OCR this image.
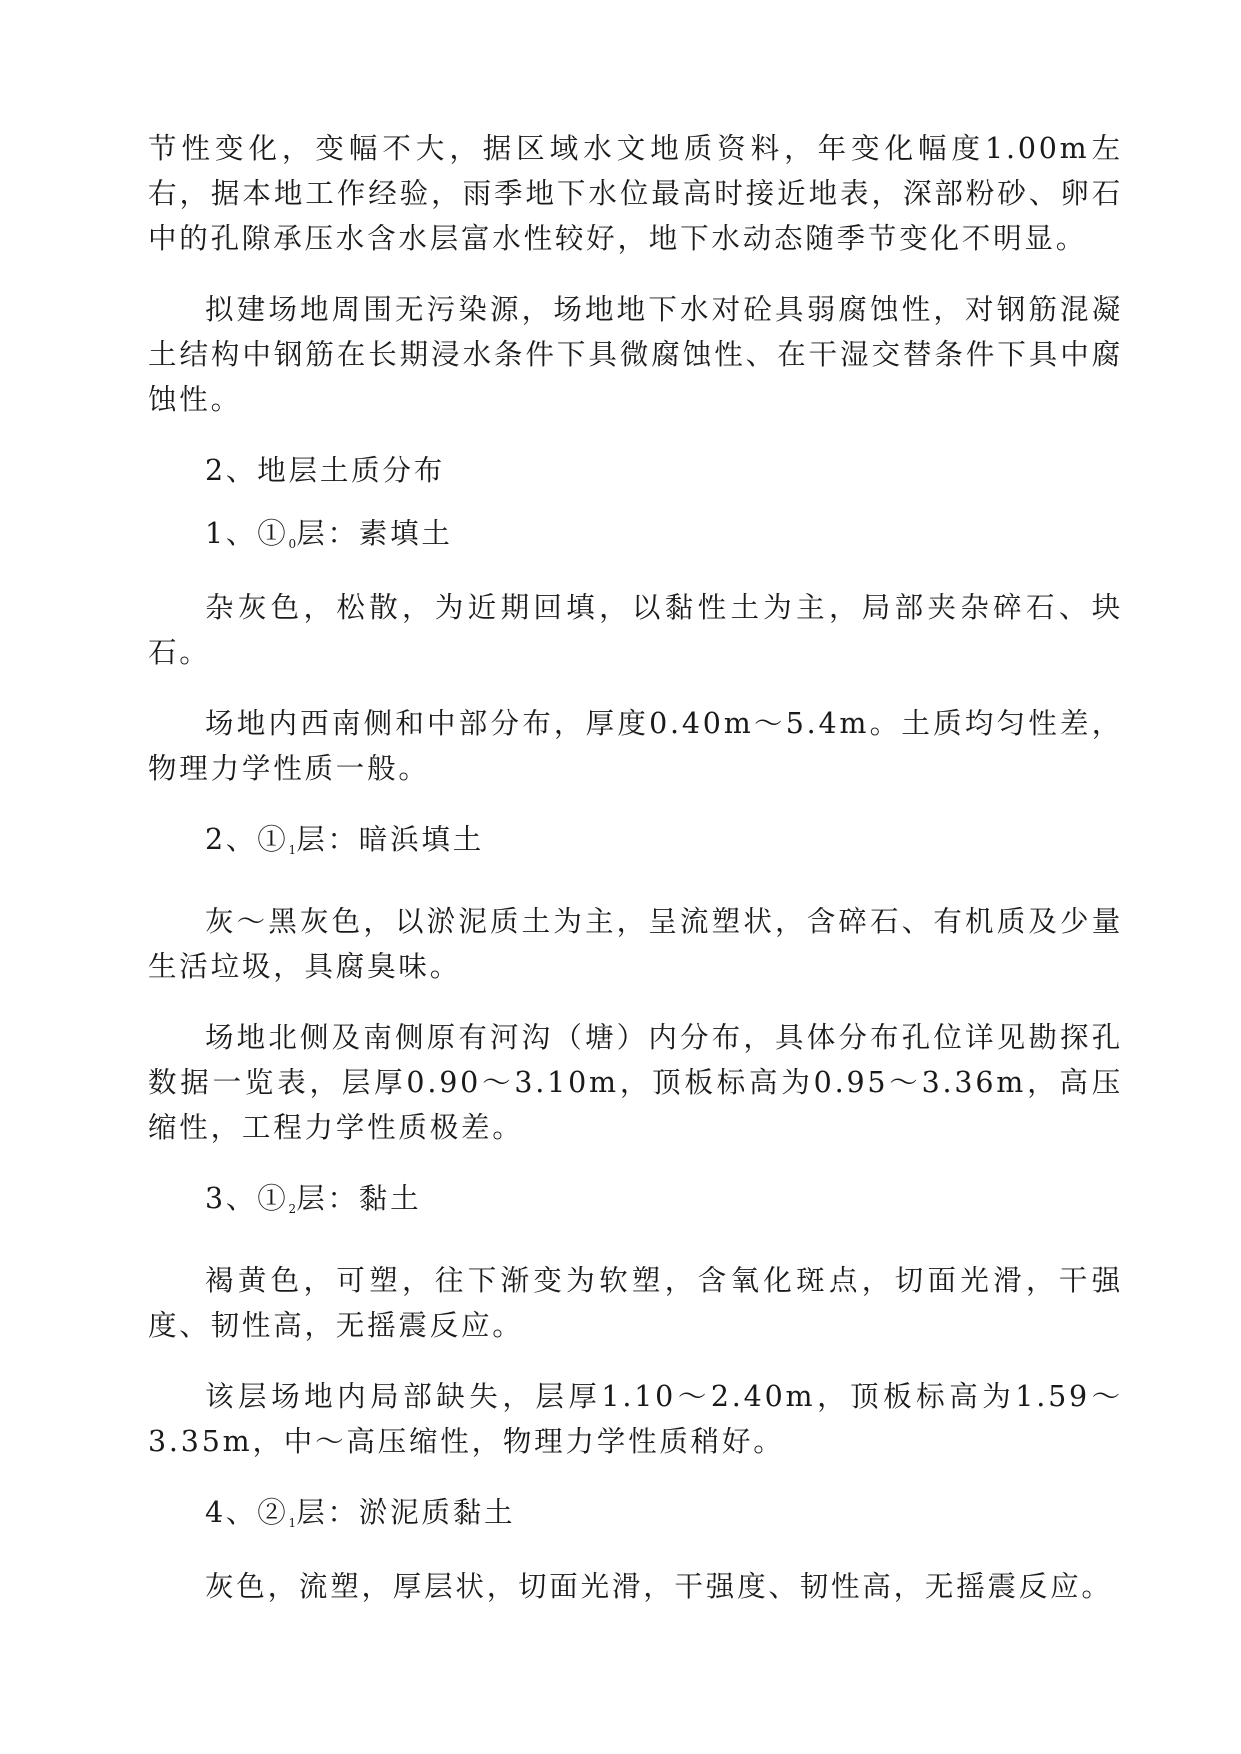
节性变化，变幅不大，据区域水文地质资料，年变化幅度1.00m左右，据本地工作经验，雨季地下水位最高时接近地表，深部粉砂、卵石中的孔隙承压水含水层富水性较好，地下水动态随季节变化不明显。

拟建场地周围无污染源，场地地下水对砼具弱腐蚀性，对钢筋混凝土结构中钢筋在长期浸水条件下具微腐蚀性、在干湿交替条件下具中腐蚀性。

2、地层土质分布

1、$①_0$层：素填土

杂灰色，松散，为近期回填，以黏性土为主，局部夹杂碎石、块石。

场地内西南侧和中部分布，厚度0.40m～5.4m。土质均匀性差，物理力学性质一般。

2、$①_1$层：暗浜填土

灰～黑灰色，以淤泥质土为主，呈流塑状，含碎石、有机质及少量生活垃圾，具腐臭味。

场地北侧及南侧原有河沟（塘）内分布，具体分布孔位详见勘探孔数据一览表，层厚0.90～3.10m，顶板标高为0.95～3.36m，高压缩性，工程力学性质极差。

3、$①_2$层：黏土

褐黄色，可塑，往下渐变为软塑，含氧化斑点，切面光滑，干强度、韧性高，无摇震反应。

该层场地内局部缺失，层厚1.10～2.40m，顶板标高为1.59～3.35m，中～高压缩性，物理力学性质稍好。

4、$②_1$层：淤泥质黏土

灰色，流塑，厚层状，切面光滑，干强度、韧性高，无摇震反应。
